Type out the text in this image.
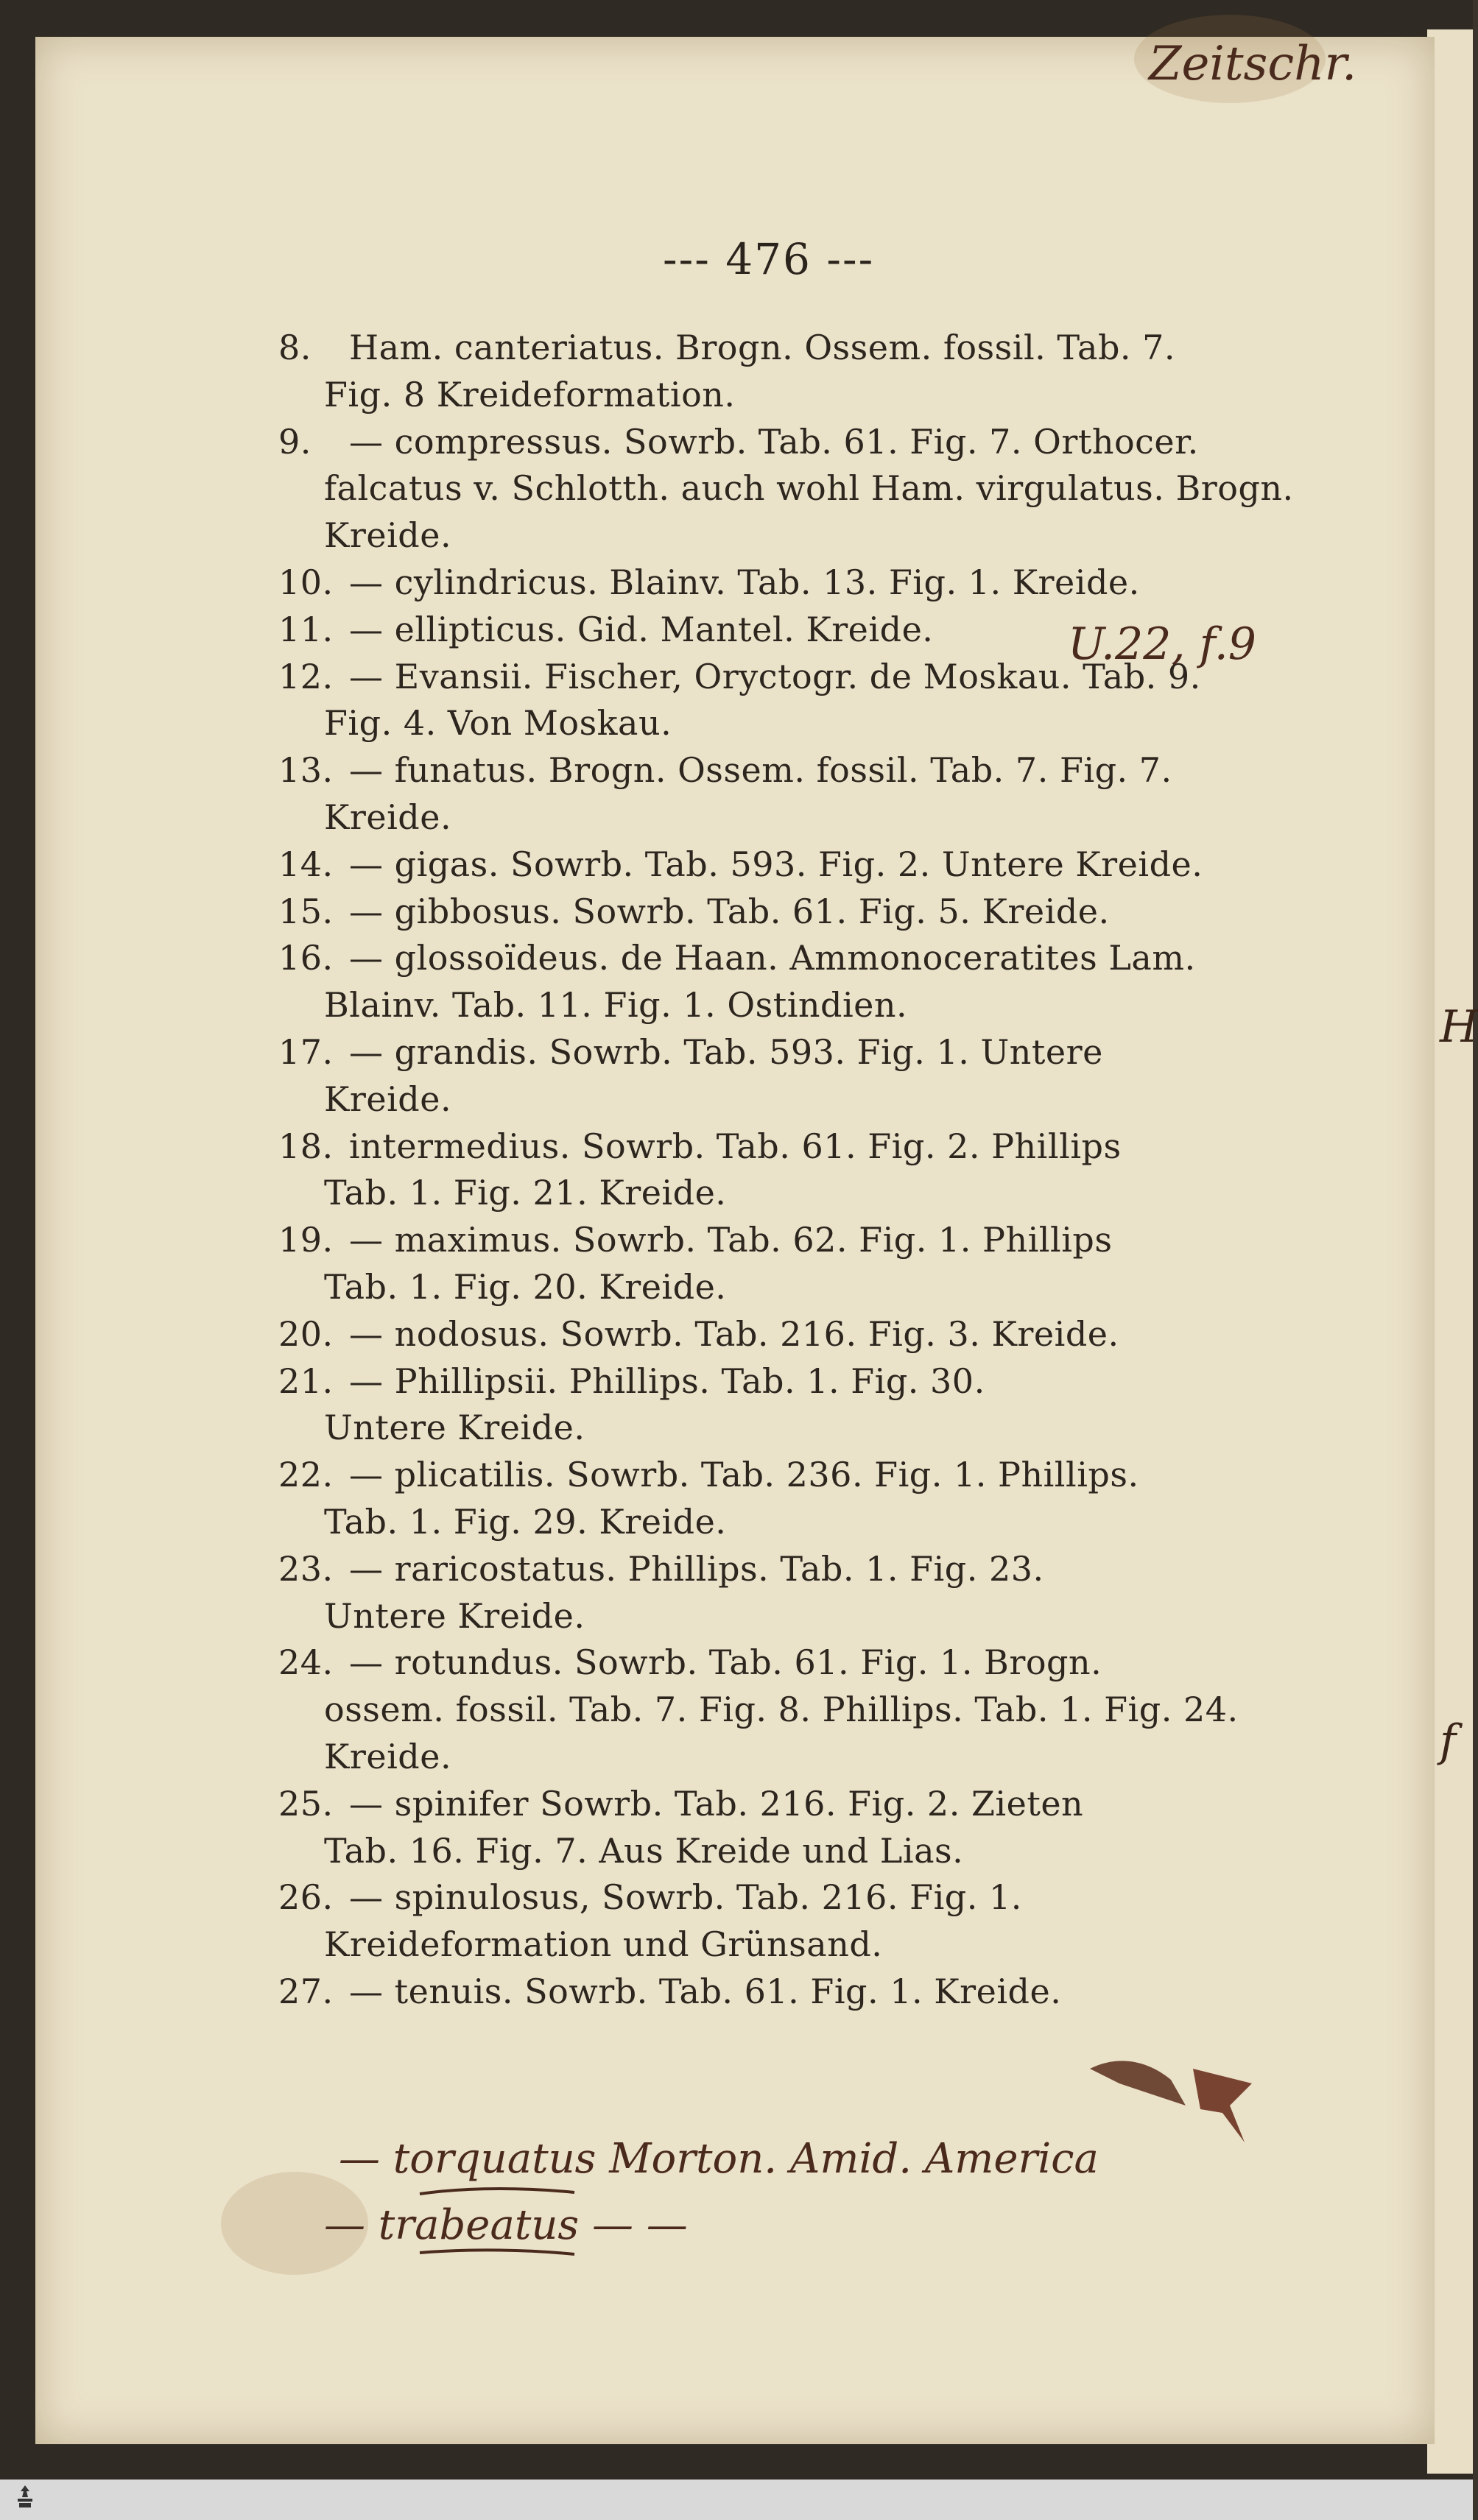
Zeitschr.
--- 476 ---
8. Ham. canteriatus. Brogn. Ossem. fossil. Tab. 7.
Fig. 8 Kreideformation.
9. — compressus. Sowrb. Tab. 61. Fig. 7. Orthocer.
falcatus v. Schlotth. auch wohl Ham. virgulatus. Brogn.
Kreide.
10. — cylindricus. Blainv. Tab. 13. Fig. 1. Kreide.
11. — ellipticus. Gid. Mantel. Kreide.
12. — Evansii. Fischer, Oryctogr. de Moskau. Tab. 9.
Fig. 4. Von Moskau.
13. — funatus. Brogn. Ossem. fossil. Tab. 7. Fig. 7.
Kreide.
14. — gigas. Sowrb. Tab. 593. Fig. 2. Untere Kreide.
15. — gibbosus. Sowrb. Tab. 61. Fig. 5. Kreide.
16. — glossoïdeus. de Haan. Ammonoceratites Lam.
Blainv. Tab. 11. Fig. 1. Ostindien.
17. — grandis. Sowrb. Tab. 593. Fig. 1. Untere
Kreide.
18. intermedius. Sowrb. Tab. 61. Fig. 2. Phillips
Tab. 1. Fig. 21. Kreide.
19. — maximus. Sowrb. Tab. 62. Fig. 1. Phillips
Tab. 1. Fig. 20. Kreide.
20. — nodosus. Sowrb. Tab. 216. Fig. 3. Kreide.
21. — Phillipsii. Phillips. Tab. 1. Fig. 30.
Untere Kreide.
22. — plicatilis. Sowrb. Tab. 236. Fig. 1. Phillips.
Tab. 1. Fig. 29. Kreide.
23. — raricostatus. Phillips. Tab. 1. Fig. 23.
Untere Kreide.
24. — rotundus. Sowrb. Tab. 61. Fig. 1. Brogn.
ossem. fossil. Tab. 7. Fig. 8. Phillips. Tab. 1. Fig. 24.
Kreide.
25. — spinifer Sowrb. Tab. 216. Fig. 2. Zieten
Tab. 16. Fig. 7. Aus Kreide und Lias.
26. — spinulosus, Sowrb. Tab. 216. Fig. 1.
Kreideformation und Grünsand.
27. — tenuis. Sowrb. Tab. 61. Fig. 1. Kreide.
U.22, f.9
— torquatus Morton. Amid. America
— trabeatus — —
H
f
